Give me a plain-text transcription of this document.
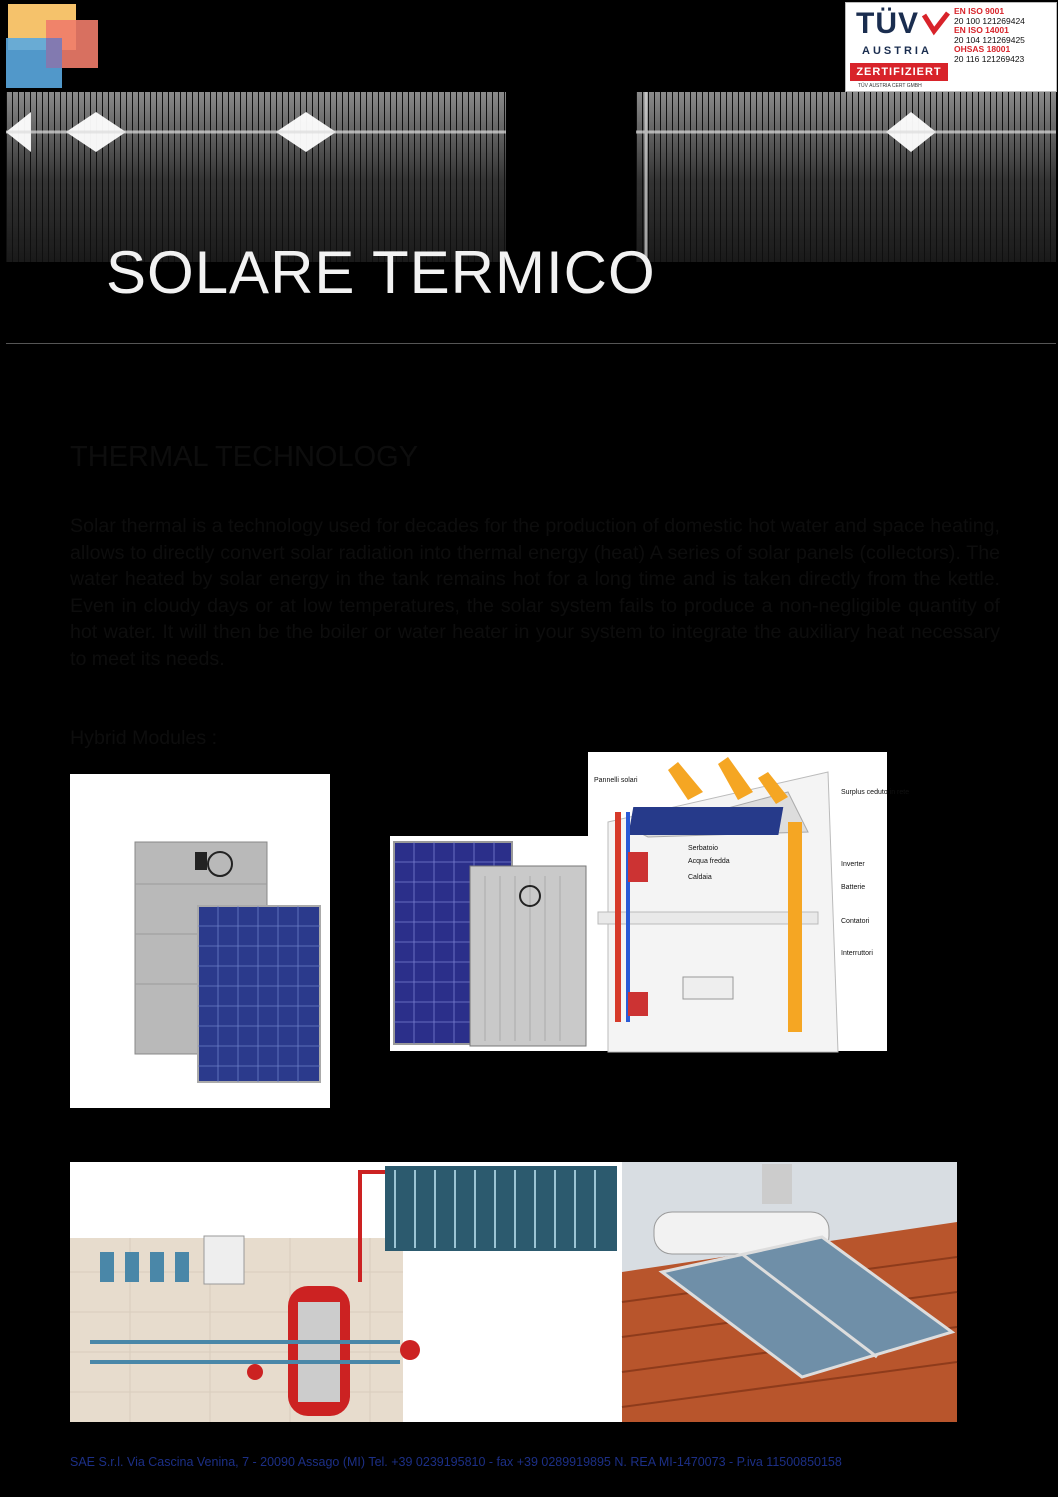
TÜV
AUSTRIA
ZERTIFIZIERT
TÜV AUSTRIA CERT GMBH
EN ISO 9001
20 100 121269424
EN ISO 14001
20 104 121269425
OHSAS 18001
20 116 121269423
SOLARE TERMICO
THERMAL TECHNOLOGY
Solar thermal is a technology used for decades for the production of domestic hot water and space heating, allows to directly convert solar radiation into thermal energy (heat) A series of solar panels (collectors). The water heated by solar energy in the tank remains hot for a long time and is taken directly from the kettle. Even in cloudy days or at low temperatures, the solar system fails to produce a non-negligible quantity of hot water. It will then be the boiler or water heater in your system to integrate the auxiliary heat necessary to meet its needs.
Hybrid Modules :
Pannelli solari
Serbatoio
Acqua fredda
Caldaia
Surplus ceduto in rete
Inverter
Batterie
Contatori
Interruttori
SAE S.r.l. Via Cascina Venina, 7 - 20090 Assago (MI) Tel. +39 0239195810 - fax +39 0289919895 N. REA MI-1470073 - P.iva 11500850158
